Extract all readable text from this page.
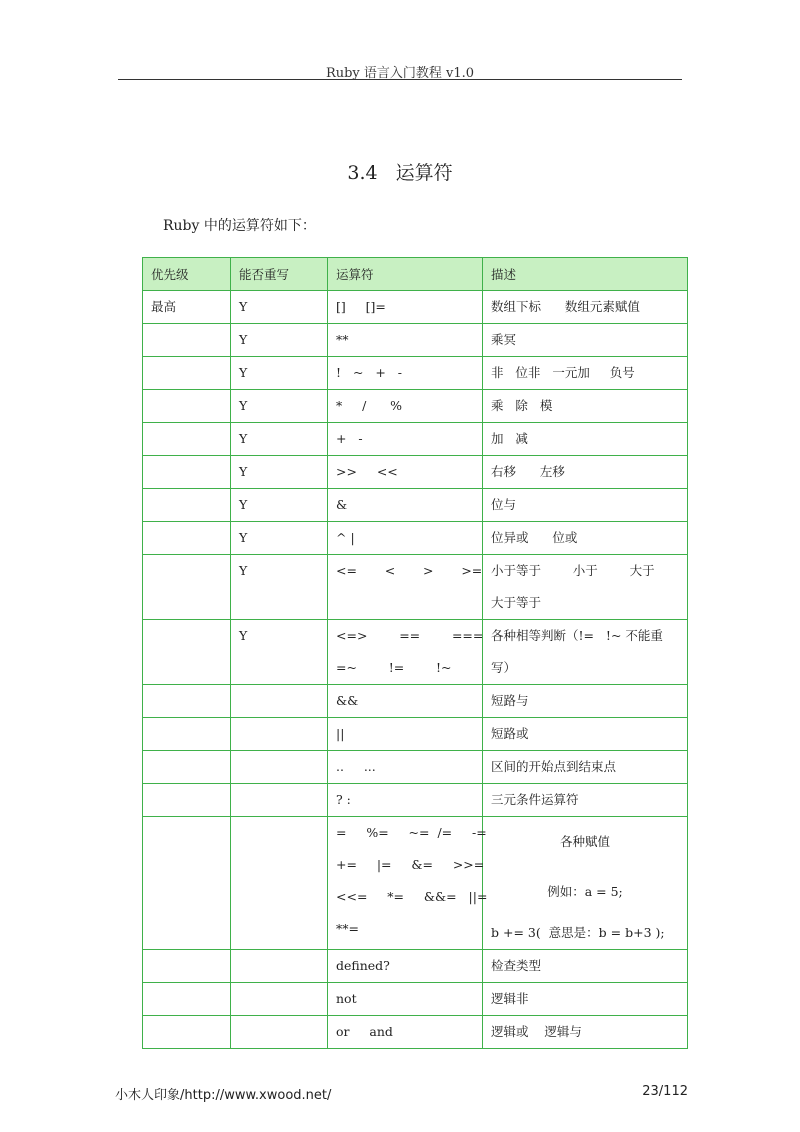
Ruby 语言入门教程 v1.0
3.4 运算符
Ruby 中的运算符如下：
优先级	能否重写	运算符	描述

最高	Y	[]     []=	数组下标      数组元素赋值

	Y	**	乘冥

	Y	!   ~   +   -	非   位非   一元加     负号

	Y	*     /      %	乘   除   模

	Y	+   -	加   减

	Y	>>     <<	右移      左移

	Y	&	位与

	Y	^ |	位异或      位或

	Y	<=       <       >       >=	小于等于        小于        大于
大于等于

	Y	<=>        ==        ===
=~        !=        !~	各种相等判断（!=   !~ 不能重
写）

		&&	短路与

		||	短路或

		..     ...	区间的开始点到结束点

		? :	三元条件运算符

		=     %=     ~=  /=     -=
+=     |=     &=     >>=
<<=     *=     &&=   ||=
**=	各种赋值
例如：a = 5;
b += 3(  意思是：b = b+3 );

		defined?	检查类型

		not	逻辑非

		or     and	逻辑或    逻辑与
小木人印象/http://www.xwood.net/	23/112
